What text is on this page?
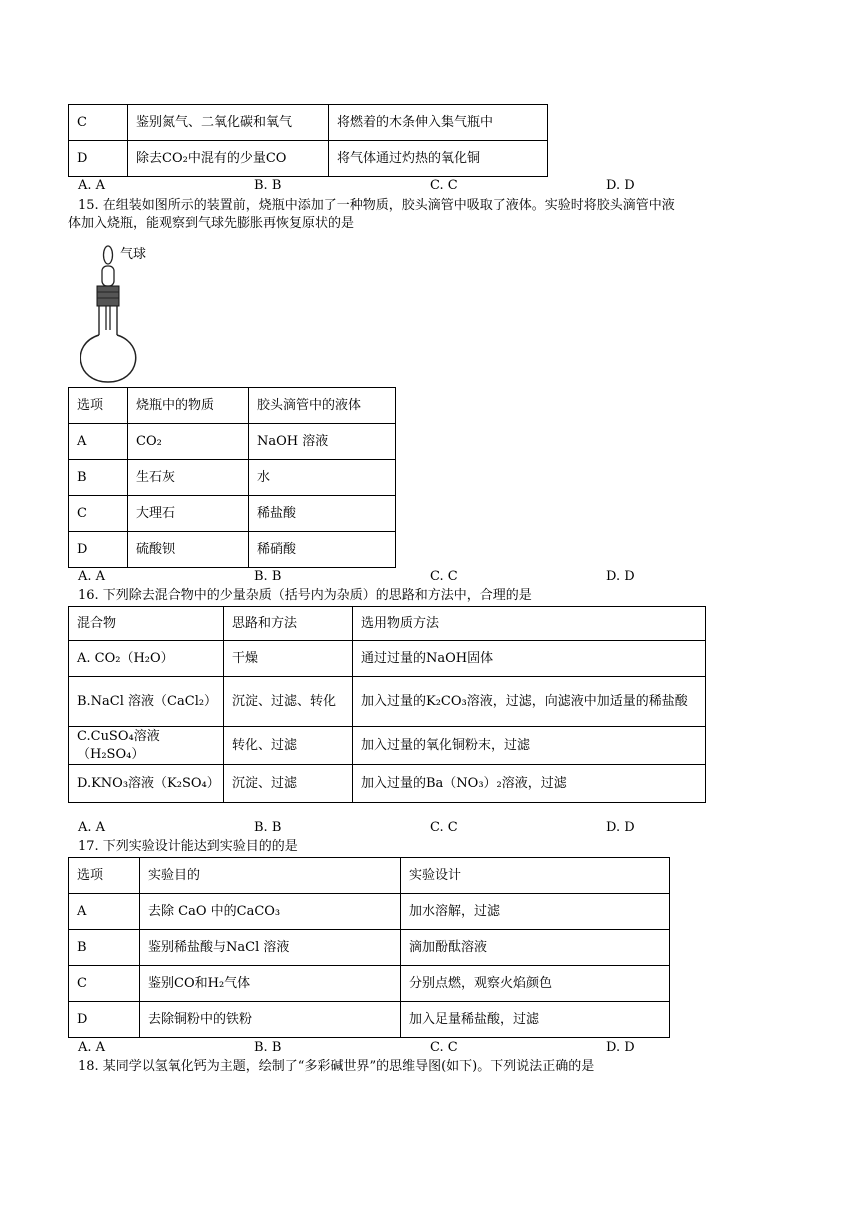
C	鉴别氮气、二氧化碳和氧气	将燃着的木条伸入集气瓶中
D	除去CO₂中混有的少量CO	将气体通过灼热的氧化铜
A. A	B. B	C. C	D. D
15. 在组装如图所示的装置前，烧瓶中添加了一种物质，胶头滴管中吸取了液体。实验时将胶头滴管中液
体加入烧瓶，能观察到气球先膨胀再恢复原状的是
气球
选项	烧瓶中的物质	胶头滴管中的液体
A	CO₂	NaOH 溶液
B	生石灰	水
C	大理石	稀盐酸
D	硫酸钡	稀硝酸
A. A	B. B	C. C	D. D
16. 下列除去混合物中的少量杂质（括号内为杂质）的思路和方法中，合理的是
混合物	思路和方法	选用物质方法
A. CO₂（H₂O）	干燥	通过过量的NaOH固体
B.NaCl 溶液（CaCl₂）	沉淀、过滤、转化	加入过量的K₂CO₃溶液，过滤，向滤液中加适量的稀盐酸
C.CuSO₄溶液（H₂SO₄）	转化、过滤	加入过量的氧化铜粉末，过滤
D.KNO₃溶液（K₂SO₄）	沉淀、过滤	加入过量的Ba（NO₃）₂溶液，过滤
A. A	B. B	C. C	D. D
17. 下列实验设计能达到实验目的的是
选项	实验目的	实验设计
A	去除 CaO 中的CaCO₃	加水溶解，过滤
B	鉴别稀盐酸与NaCl 溶液	滴加酚酞溶液
C	鉴别CO和H₂气体	分别点燃，观察火焰颜色
D	去除铜粉中的铁粉	加入足量稀盐酸，过滤
A. A	B. B	C. C	D. D
18. 某同学以氢氧化钙为主题，绘制了“多彩碱世界”的思维导图(如下)。下列说法正确的是
